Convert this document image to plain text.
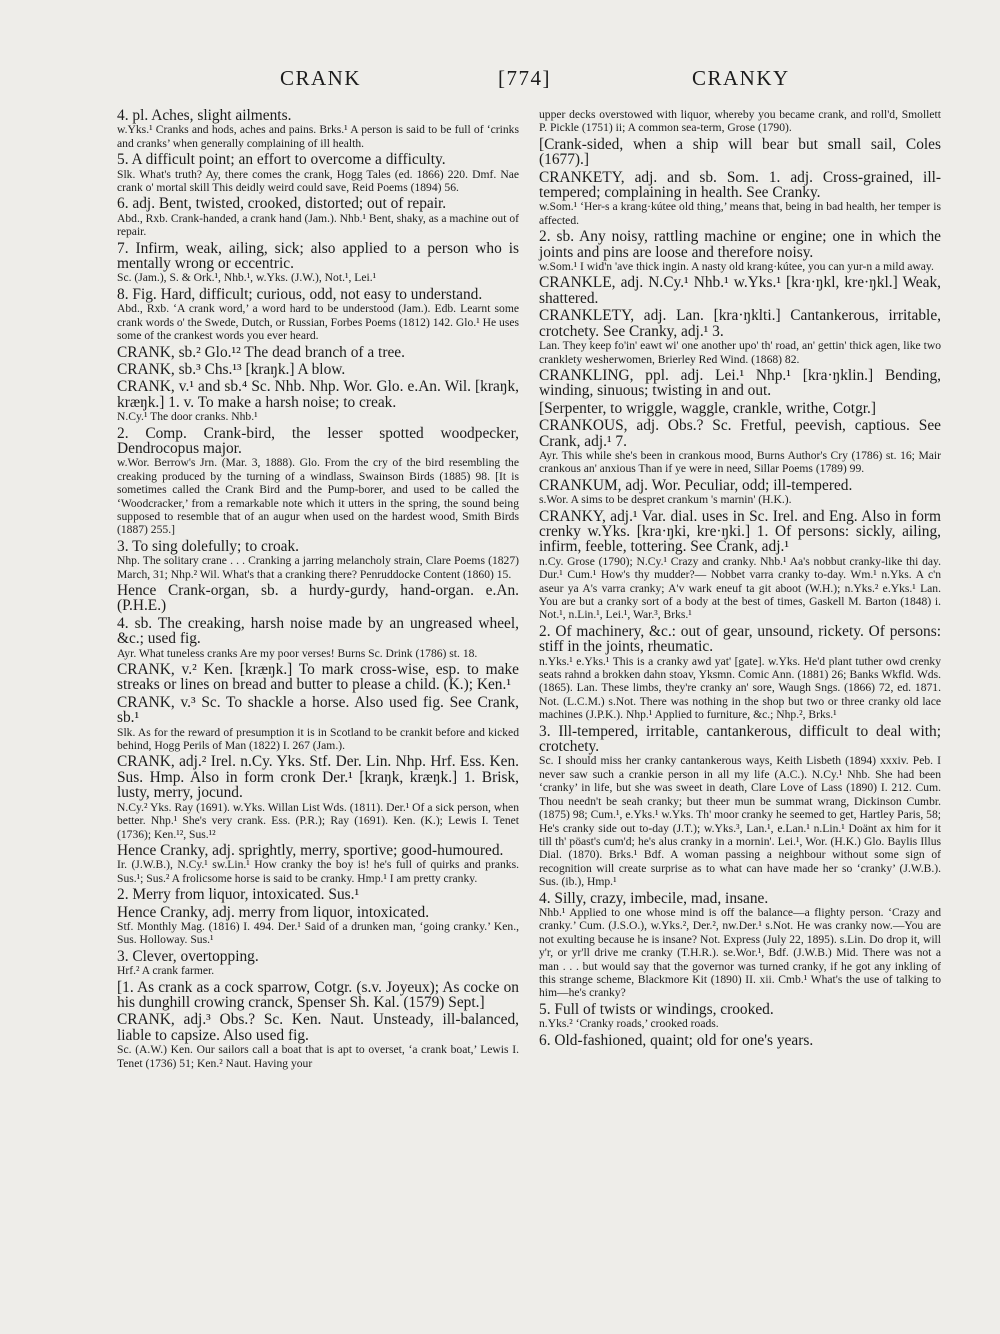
CRANK	[774]	CRANKY

4. pl. Aches, slight ailments.

w.Yks.¹ Cranks and hods, aches and pains. Brks.¹ A person is said to be full of ‘crinks and cranks’ when generally complaining of ill health.

5. A difficult point; an effort to overcome a difficulty.

Slk. What's truth? Ay, there comes the crank, Hogg Tales (ed. 1866) 220. Dmf. Nae crank o' mortal skill This deidly weird could save, Reid Poems (1894) 56.

6. adj. Bent, twisted, crooked, distorted; out of repair.

Abd., Rxb. Crank-handed, a crank hand (Jam.). Nhb.¹ Bent, shaky, as a machine out of repair.

7. Infirm, weak, ailing, sick; also applied to a person who is mentally wrong or eccentric.

Sc. (Jam.), S. & Ork.¹, Nhb.¹, w.Yks. (J.W.), Not.¹, Lei.¹

8. Fig. Hard, difficult; curious, odd, not easy to understand.

Abd., Rxb. ‘A crank word,’ a word hard to be understood (Jam.). Edb. Learnt some crank words o' the Swede, Dutch, or Russian, Forbes Poems (1812) 142. Glo.¹ He uses some of the crankest words you ever heard.

CRANK, sb.² Glo.¹² The dead branch of a tree.

CRANK, sb.³ Chs.¹³ [kraŋk.] A blow.

CRANK, v.¹ and sb.⁴ Sc. Nhb. Nhp. Wor. Glo. e.An. Wil. [kraŋk, kræŋk.] 1. v. To make a harsh noise; to creak.

N.Cy.¹ The door cranks. Nhb.¹

2. Comp. Crank-bird, the lesser spotted woodpecker, Dendrocopus major.

w.Wor. Berrow's Jrn. (Mar. 3, 1888). Glo. From the cry of the bird resembling the creaking produced by the turning of a windlass, Swainson Birds (1885) 98. [It is sometimes called the Crank Bird and the Pump-borer, and used to be called the ‘Woodcracker,’ from a remarkable note which it utters in the spring, the sound being supposed to resemble that of an augur when used on the hardest wood, Smith Birds (1887) 255.]

3. To sing dolefully; to croak.

Nhp. The solitary crane . . . Cranking a jarring melancholy strain, Clare Poems (1827) March, 31; Nhp.² Wil. What's that a cranking there? Penruddocke Content (1860) 15.

Hence Crank-organ, sb. a hurdy-gurdy, hand-organ. e.An. (P.H.E.)

4. sb. The creaking, harsh noise made by an ungreased wheel, &c.; used fig.

Ayr. What tuneless cranks Are my poor verses! Burns Sc. Drink (1786) st. 18.

CRANK, v.² Ken. [kræŋk.] To mark cross-wise, esp. to make streaks or lines on bread and butter to please a child. (K.); Ken.¹

CRANK, v.³ Sc. To shackle a horse. Also used fig. See Crank, sb.¹

Slk. As for the reward of presumption it is in Scotland to be crankit before and kicked behind, Hogg Perils of Man (1822) I. 267 (Jam.).

CRANK, adj.² Irel. n.Cy. Yks. Stf. Der. Lin. Nhp. Hrf. Ess. Ken. Sus. Hmp. Also in form cronk Der.¹ [kraŋk, kræŋk.] 1. Brisk, lusty, merry, jocund.

N.Cy.² Yks. Ray (1691). w.Yks. Willan List Wds. (1811). Der.¹ Of a sick person, when better. Nhp.¹ She's very crank. Ess. (P.R.); Ray (1691). Ken. (K.); Lewis I. Tenet (1736); Ken.¹², Sus.¹²

Hence Cranky, adj. sprightly, merry, sportive; good-humoured.

Ir. (J.W.B.), N.Cy.¹ sw.Lin.¹ How cranky the boy is! he's full of quirks and pranks. Sus.¹; Sus.² A frolicsome horse is said to be cranky. Hmp.¹ I am pretty cranky.

2. Merry from liquor, intoxicated. Sus.¹

Hence Cranky, adj. merry from liquor, intoxicated.

Stf. Monthly Mag. (1816) I. 494. Der.¹ Said of a drunken man, ‘going cranky.’ Ken., Sus. Holloway. Sus.¹

3. Clever, overtopping.

Hrf.² A crank farmer.

[1. As crank as a cock sparrow, Cotgr. (s.v. Joyeux); As cocke on his dunghill crowing cranck, Spenser Sh. Kal. (1579) Sept.]

CRANK, adj.³ Obs.? Sc. Ken. Naut. Unsteady, ill-balanced, liable to capsize. Also used fig.

Sc. (A.W.) Ken. Our sailors call a boat that is apt to overset, ‘a crank boat,’ Lewis I. Tenet (1736) 51; Ken.² Naut. Having your

upper decks overstowed with liquor, whereby you became crank, and roll'd, Smollett P. Pickle (1751) ii; A common sea-term, Grose (1790).

[Crank-sided, when a ship will bear but small sail, Coles (1677).]

CRANKETY, adj. and sb. Som. 1. adj. Cross-grained, ill-tempered; complaining in health. See Cranky.

w.Som.¹ ‘Her-s a krang·kútee old thing,’ means that, being in bad health, her temper is affected.

2. sb. Any noisy, rattling machine or engine; one in which the joints and pins are loose and therefore noisy.

w.Som.¹ I wid'n 'ave thick ingin. A nasty old krang·kútee, you can yur-n a mild away.

CRANKLE, adj. N.Cy.¹ Nhb.¹ w.Yks.¹ [kra·ŋkl, kre·ŋkl.] Weak, shattered.

CRANKLETY, adj. Lan. [kra·ŋklti.] Cantankerous, irritable, crotchety. See Cranky, adj.¹ 3.

Lan. They keep fo'in' eawt wi' one another upo' th' road, an' gettin' thick agen, like two cranklety wesherwomen, Brierley Red Wind. (1868) 82.

CRANKLING, ppl. adj. Lei.¹ Nhp.¹ [kra·ŋklin.] Bending, winding, sinuous; twisting in and out.

[Serpenter, to wriggle, waggle, crankle, writhe, Cotgr.]

CRANKOUS, adj. Obs.? Sc. Fretful, peevish, captious. See Crank, adj.¹ 7.

Ayr. This while she's been in crankous mood, Burns Author's Cry (1786) st. 16; Mair crankous an' anxious Than if ye were in need, Sillar Poems (1789) 99.

CRANKUM, adj. Wor. Peculiar, odd; ill-tempered.

s.Wor. A sims to be despret crankum 's marnin' (H.K.).

CRANKY, adj.¹ Var. dial. uses in Sc. Irel. and Eng. Also in form crenky w.Yks. [kra·ŋki, kre·ŋki.] 1. Of persons: sickly, ailing, infirm, feeble, tottering. See Crank, adj.¹

n.Cy. Grose (1790); N.Cy.¹ Crazy and cranky. Nhb.¹ Aa's nobbut cranky-like thi day. Dur.¹ Cum.¹ How's thy mudder?— Nobbet varra cranky to-day. Wm.¹ n.Yks. A c'n aseur ya A's varra cranky; A'v wark eneuf ta git aboot (W.H.); n.Yks.² e.Yks.¹ Lan. You are but a cranky sort of a body at the best of times, Gaskell M. Barton (1848) i. Not.¹, n.Lin.¹, Lei.¹, War.³, Brks.¹

2. Of machinery, &c.: out of gear, unsound, rickety. Of persons: stiff in the joints, rheumatic.

n.Yks.¹ e.Yks.¹ This is a cranky awd yat' [gate]. w.Yks. He'd plant tuther owd crenky seats rahnd a brokken dahn stoav, Yksmn. Comic Ann. (1881) 26; Banks Wkfld. Wds. (1865). Lan. These limbs, they're cranky an' sore, Waugh Sngs. (1866) 72, ed. 1871. Not. (L.C.M.) s.Not. There was nothing in the shop but two or three cranky old lace machines (J.P.K.). Nhp.¹ Applied to furniture, &c.; Nhp.², Brks.¹

3. Ill-tempered, irritable, cantankerous, difficult to deal with; crotchety.

Sc. I should miss her cranky cantankerous ways, Keith Lisbeth (1894) xxxiv. Peb. I never saw such a crankie person in all my life (A.C.). N.Cy.¹ Nhb. She had been ‘cranky’ in life, but she was sweet in death, Clare Love of Lass (1890) I. 212. Cum. Thou needn't be seah cranky; but theer mun be summat wrang, Dickinson Cumbr. (1875) 98; Cum.¹, e.Yks.¹ w.Yks. Th' moor cranky he seemed to get, Hartley Paris, 58; He's cranky side out to-day (J.T.); w.Yks.³, Lan.¹, e.Lan.¹ n.Lin.¹ Doänt ax him for it till th' pöast's cum'd; he's alus cranky in a mornin'. Lei.¹, Wor. (H.K.) Glo. Baylis Illus Dial. (1870). Brks.¹ Bdf. A woman passing a neighbour without some sign of recognition will create surprise as to what can have made her so ‘cranky’ (J.W.B.). Sus. (ib.), Hmp.¹

4. Silly, crazy, imbecile, mad, insane.

Nhb.¹ Applied to one whose mind is off the balance—a flighty person. ‘Crazy and cranky.’ Cum. (J.S.O.), w.Yks.², Der.², nw.Der.¹ s.Not. He was cranky now.—You are not exulting because he is insane? Not. Express (July 22, 1895). s.Lin. Do drop it, will y'r, or yr'll drive me cranky (T.H.R.). se.Wor.¹, Bdf. (J.W.B.) Mid. There was not a man . . . but would say that the governor was turned cranky, if he got any inkling of this strange scheme, Blackmore Kit (1890) II. xii. Cmb.¹ What's the use of talking to him—he's cranky?

5. Full of twists or windings, crooked.

n.Yks.² ‘Cranky roads,’ crooked roads.

6. Old-fashioned, quaint; old for one's years.
